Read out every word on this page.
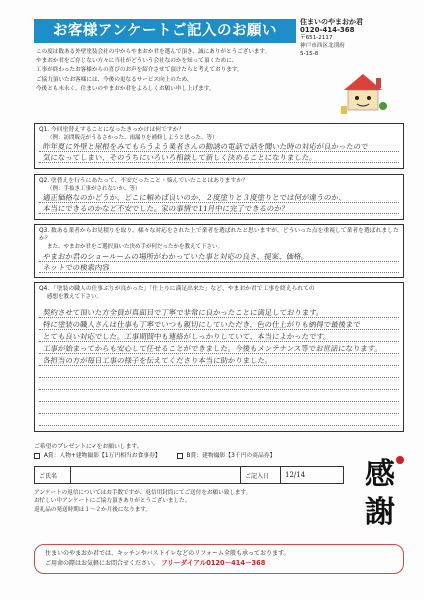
お客様アンケートご記入のお願い
この度は数ある外壁塗装会社の中からやまおか君を選んで頂き、誠にありがとうございます。
やまおか君をご存じない方々に当社がどういう会社なのかを知って頂くために、
工事が終わったお客様からの喜びのお声を紹介させて頂けたらと考えております。
ご協力頂いたお客様には、今後の更なるサービス向上のため、
今後とも末永く、住まいのやまおか君をよろしくお願い申し上げます。
住まいのやまおか君
0120-414-368
〒651-2117
神戸市西区北別府
5-15-8
Q1. 今回塗替えすることになったきっかけは何ですか？
（例：訪問販売がうるさかった、雨漏りを補修しようと思った、等）
昨年夏に外壁と屋根をみてもらうよう業者さんの勧誘の電話で話を聞いた時の対応が良かったので
気になってしまい、そのうちにいろいろ相談して新しく決めることになりました。
Q2. 塗替えを行うにあたって、不安だったこと・悩んでいたことはありますか？
（例：手抜き工事がされないか、等）
適正価格なのかどうか、どこに頼めば良いのか、２度塗りと３度塗りとでは何が違うのか、
本当にできるのかなど不安でした。家の事情で11月中に完了できるのか？
Q3. 数ある業者からお見積りを取り、様々な対応をされた上で業者を選ばれたと思いますが、どういった点を重視して業者を選ばれましたか？
また、やまおか君をご選択頂いた決め手が何だったかを教えて下さい。
やまおか君のショールームの場所がわかっていた事と対応の良さ、提案、価格。
ネットでの検索内容
Q4. 「塗装の職人の仕事ぶりが良かった」「仕上りに満足出来た」など、やまおか君で工事を終えられての
感想を教えて下さい。
契約させて頂いた方全員が真面目で丁寧で非常に良かったことに満足しております。
特に塗装の職人さんは仕事も丁寧でいつも親切にしていただき、色の仕上がりも納得で最後まで
とても良い対応でした。工事期間中も連絡がしっかりしていて、本当によかったです。
工事が始まってからも安心して任せることができました。今後もメンテナンス等でお世話になります。
各担当の方が毎日工事の様子を伝えてくださり本当に助かりました。
ご希望のプレゼントに✓をお願いします。
A賞：人物+建物撮影【1万円相当お食事券】	B賞：建物撮影【3千円の商品券】
ご氏名	ご記入日	12/14
アンケートの返信についてはお手数ですが、返信用封筒にてご送付をお願い致します。
お忙しい中アンケートにご協力頂きありがとうございました。
返礼品の発送時期は１〜２か月後になります。
感
謝
住まいのやまおか君では、キッチンやバストイレなどのリフォーム全般も承っております。
ご用命の際はお気軽にお問合せください。 フリーダイアル0120－414－368
